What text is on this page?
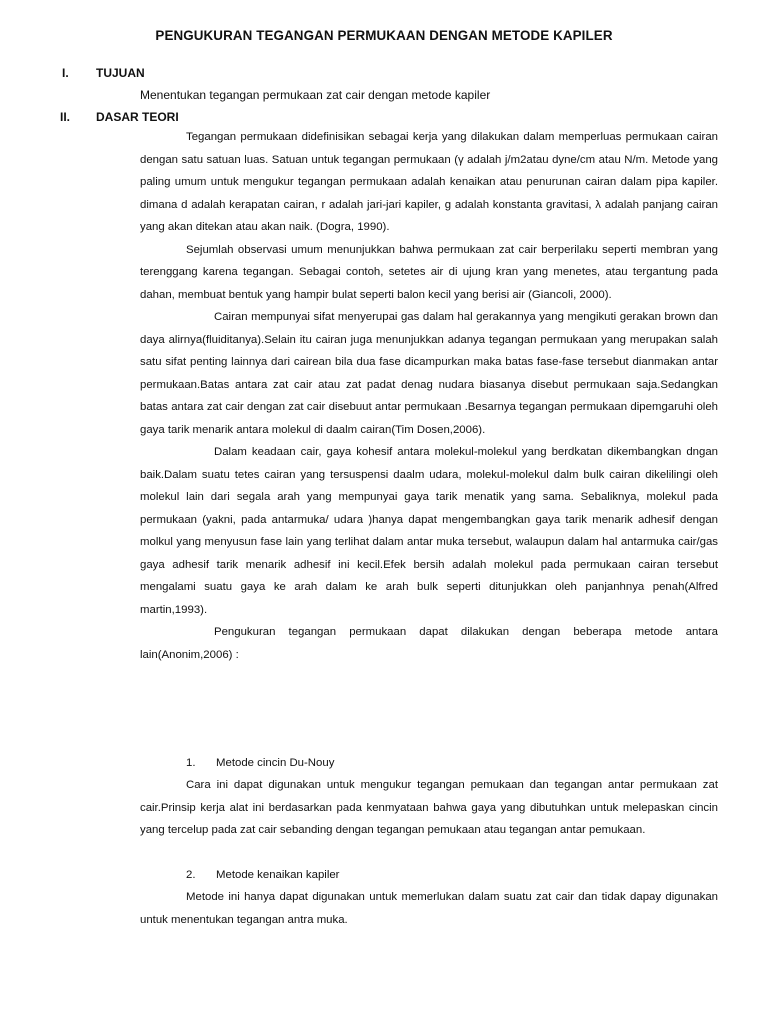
PENGUKURAN TEGANGAN PERMUKAAN DENGAN METODE KAPILER
I. TUJUAN
Menentukan tegangan permukaan zat cair dengan metode kapiler
II. DASAR TEORI

Tegangan permukaan didefinisikan sebagai kerja yang dilakukan dalam memperluas permukaan cairan dengan satu satuan luas. Satuan untuk tegangan permukaan (γ adalah j/m2atau dyne/cm atau N/m. Metode yang paling umum untuk mengukur tegangan permukaan adalah kenaikan atau penurunan cairan dalam pipa kapiler. dimana d adalah kerapatan cairan, r adalah jari-jari kapiler, g adalah konstanta gravitasi, λ adalah panjang cairan yang akan ditekan atau akan naik. (Dogra, 1990).

Sejumlah observasi umum menunjukkan bahwa permukaan zat cair berperilaku seperti membran yang terenggang karena tegangan. Sebagai contoh, setetes air di ujung kran yang menetes, atau tergantung pada dahan, membuat bentuk yang hampir bulat seperti balon kecil yang berisi air (Giancoli, 2000).

Cairan mempunyai sifat menyerupai gas dalam hal gerakannya yang mengikuti gerakan brown dan daya alirnya(fluiditanya).Selain itu cairan juga menunjukkan adanya tegangan permukaan yang merupakan salah satu sifat penting lainnya dari cairean bila dua fase dicampurkan maka batas fase-fase tersebut dianmakan antar permukaan.Batas antara zat cair atau zat padat denag nudara biasanya disebut permukaan saja.Sedangkan batas antara zat cair dengan zat cair disebuut antar permukaan .Besarnya tegangan permukaan dipemgaruhi oleh gaya tarik menarik antara molekul di daalm cairan(Tim Dosen,2006).

Dalam keadaan cair, gaya kohesif antara molekul-molekul yang berdkatan dikembangkan dngan baik.Dalam suatu tetes cairan yang tersuspensi daalm udara, molekul-molekul dalm bulk cairan dikelilingi oleh molekul lain dari segala arah yang mempunyai gaya tarik menatik yang sama. Sebaliknya, molekul pada permukaan (yakni, pada antarmuka/ udara )hanya dapat mengembangkan gaya tarik menarik adhesif dengan molkul yang menyusun fase lain yang terlihat dalam antar muka tersebut, walaupun dalam hal antarmuka cair/gas gaya adhesif tarik menarik adhesif ini kecil.Efek bersih adalah molekul pada permukaan cairan tersebut mengalami suatu gaya ke arah dalam ke arah bulk seperti ditunjukkan oleh panjanhnya penah(Alfred martin,1993).

Pengukuran tegangan permukaan dapat dilakukan dengan beberapa metode antara lain(Anonim,2006) :

1. Metode cincin Du-Nouy

Cara ini dapat digunakan untuk mengukur tegangan pemukaan dan tegangan antar permukaan zat cair.Prinsip kerja alat ini berdasarkan pada kenmyataan bahwa gaya yang dibutuhkan untuk melepaskan cincin yang tercelup pada zat cair sebanding dengan tegangan pemukaan atau tegangan antar pemukaan.

2. Metode kenaikan kapiler

Metode ini hanya dapat digunakan untuk memerlukan dalam suatu zat cair dan tidak dapay digunakan untuk menentukan tegangan antra muka.
